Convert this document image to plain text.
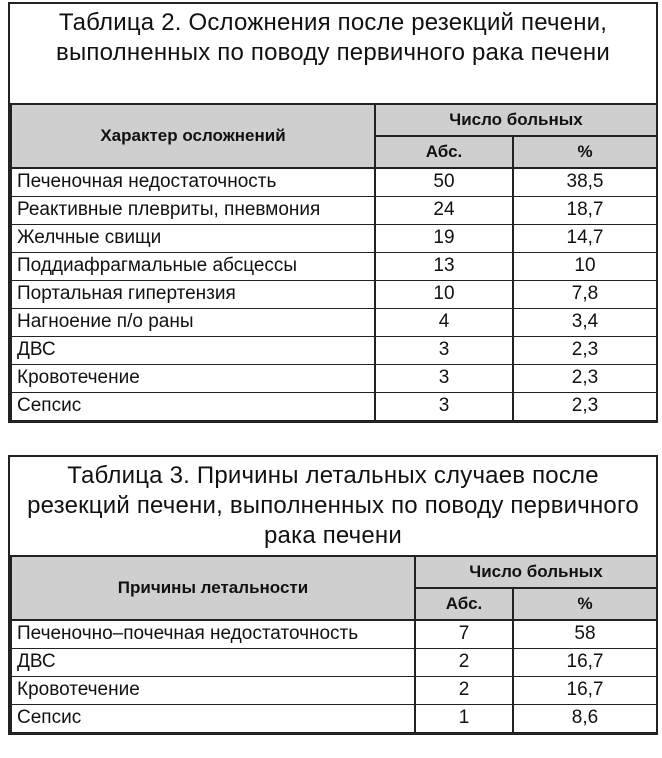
Таблица 2. Осложнения после резекций печени, выполненных по поводу первичного рака печени
Характер осложнений	Число больных	
	Абс.	%
Печеночная недостаточность	50	38,5
Реактивные плевриты, пневмония	24	18,7
Желчные свищи	19	14,7
Поддиафрагмальные абсцессы	13	10
Портальная гипертензия	10	7,8
Нагноение п/о раны	4	3,4
ДВС	3	2,3
Кровотечение	3	2,3
Сепсис	3	2,3
Таблица 3. Причины летальных случаев после резекций печени, выполненных по поводу первичного рака печени
Причины летальности	Число больных	
	Абс.	%
Печеночно–почечная недостаточность	7	58
ДВС	2	16,7
Кровотечение	2	16,7
Сепсис	1	8,6
